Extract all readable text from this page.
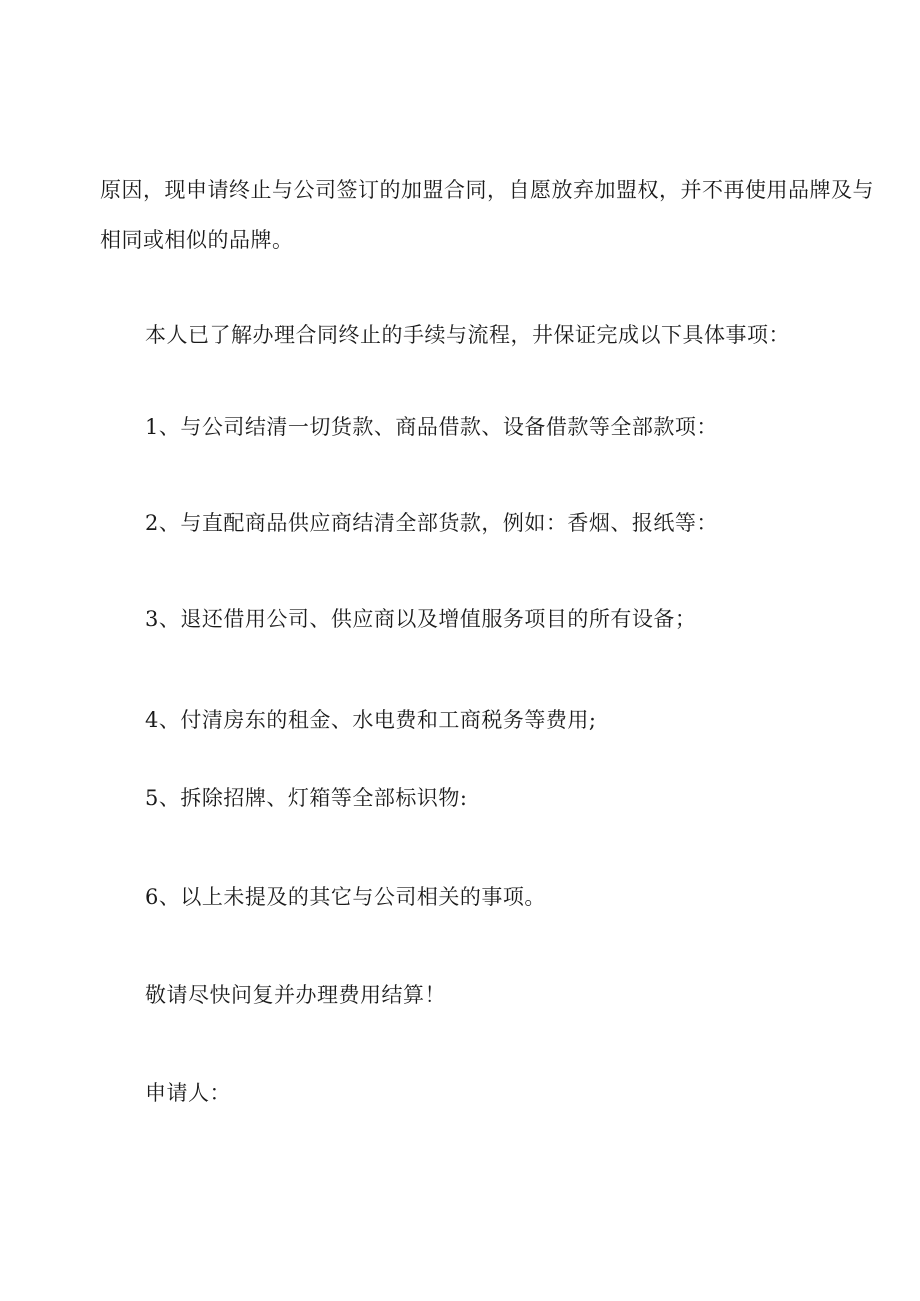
原因，现申请终止与公司签订的加盟合同，自愿放弃加盟权，并不再使用品牌及与
相同或相似的品牌。
本人已了解办理合同终止的手续与流程，井保证完成以下具体事项：
1、与公司结清一切货款、商品借款、设备借款等全部款项：
2、与直配商品供应商结清全部货款，例如：香烟、报纸等：
3、退还借用公司、供应商以及增值服务项目的所有设备；
4、付清房东的租金、水电费和工商税务等费用;
5、拆除招牌、灯箱等全部标识物:
6、以上未提及的其它与公司相关的事项。
敬请尽快问复并办理费用结算！
申请人：
